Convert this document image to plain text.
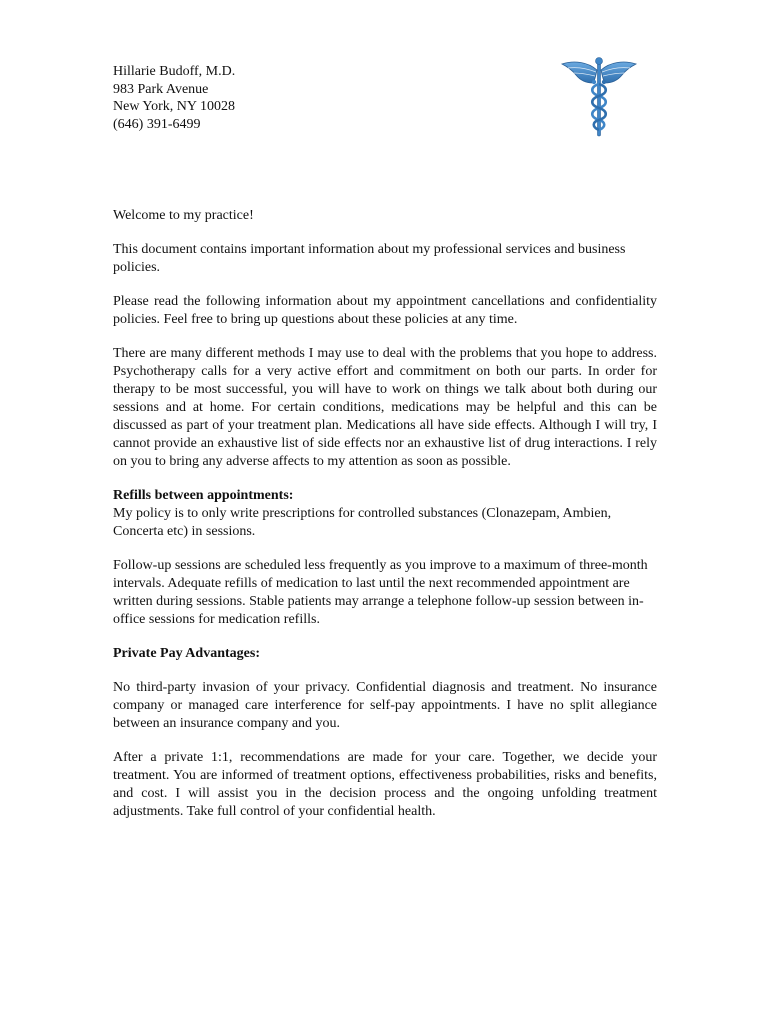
Hillarie Budoff, M.D.
983 Park Avenue
New York, NY 10028
(646) 391-6499

Welcome to my practice!

This document contains important information about my professional services and business policies.

Please read the following information about my appointment cancellations and confidentiality policies. Feel free to bring up questions about these policies at any time.

There are many different methods I may use to deal with the problems that you hope to address. Psychotherapy calls for a very active effort and commitment on both our parts. In order for therapy to be most successful, you will have to work on things we talk about both during our sessions and at home. For certain conditions, medications may be helpful and this can be discussed as part of your treatment plan. Medications all have side effects. Although I will try, I cannot provide an exhaustive list of side effects nor an exhaustive list of drug interactions. I rely on you to bring any adverse affects to my attention as soon as possible.

Refills between appointments:

My policy is to only write prescriptions for controlled substances (Clonazepam, Ambien, Concerta etc) in sessions.

Follow-up sessions are scheduled less frequently as you improve to a maximum of three-month intervals. Adequate refills of medication to last until the next recommended appointment are written during sessions. Stable patients may arrange a telephone follow-up session between in-office sessions for medication refills.

Private Pay Advantages:

No third-party invasion of your privacy. Confidential diagnosis and treatment. No insurance company or managed care interference for self-pay appointments. I have no split allegiance between an insurance company and you.

After a private 1:1, recommendations are made for your care. Together, we decide your treatment. You are informed of treatment options, effectiveness probabilities, risks and benefits, and cost. I will assist you in the decision process and the ongoing unfolding treatment adjustments. Take full control of your confidential health.
